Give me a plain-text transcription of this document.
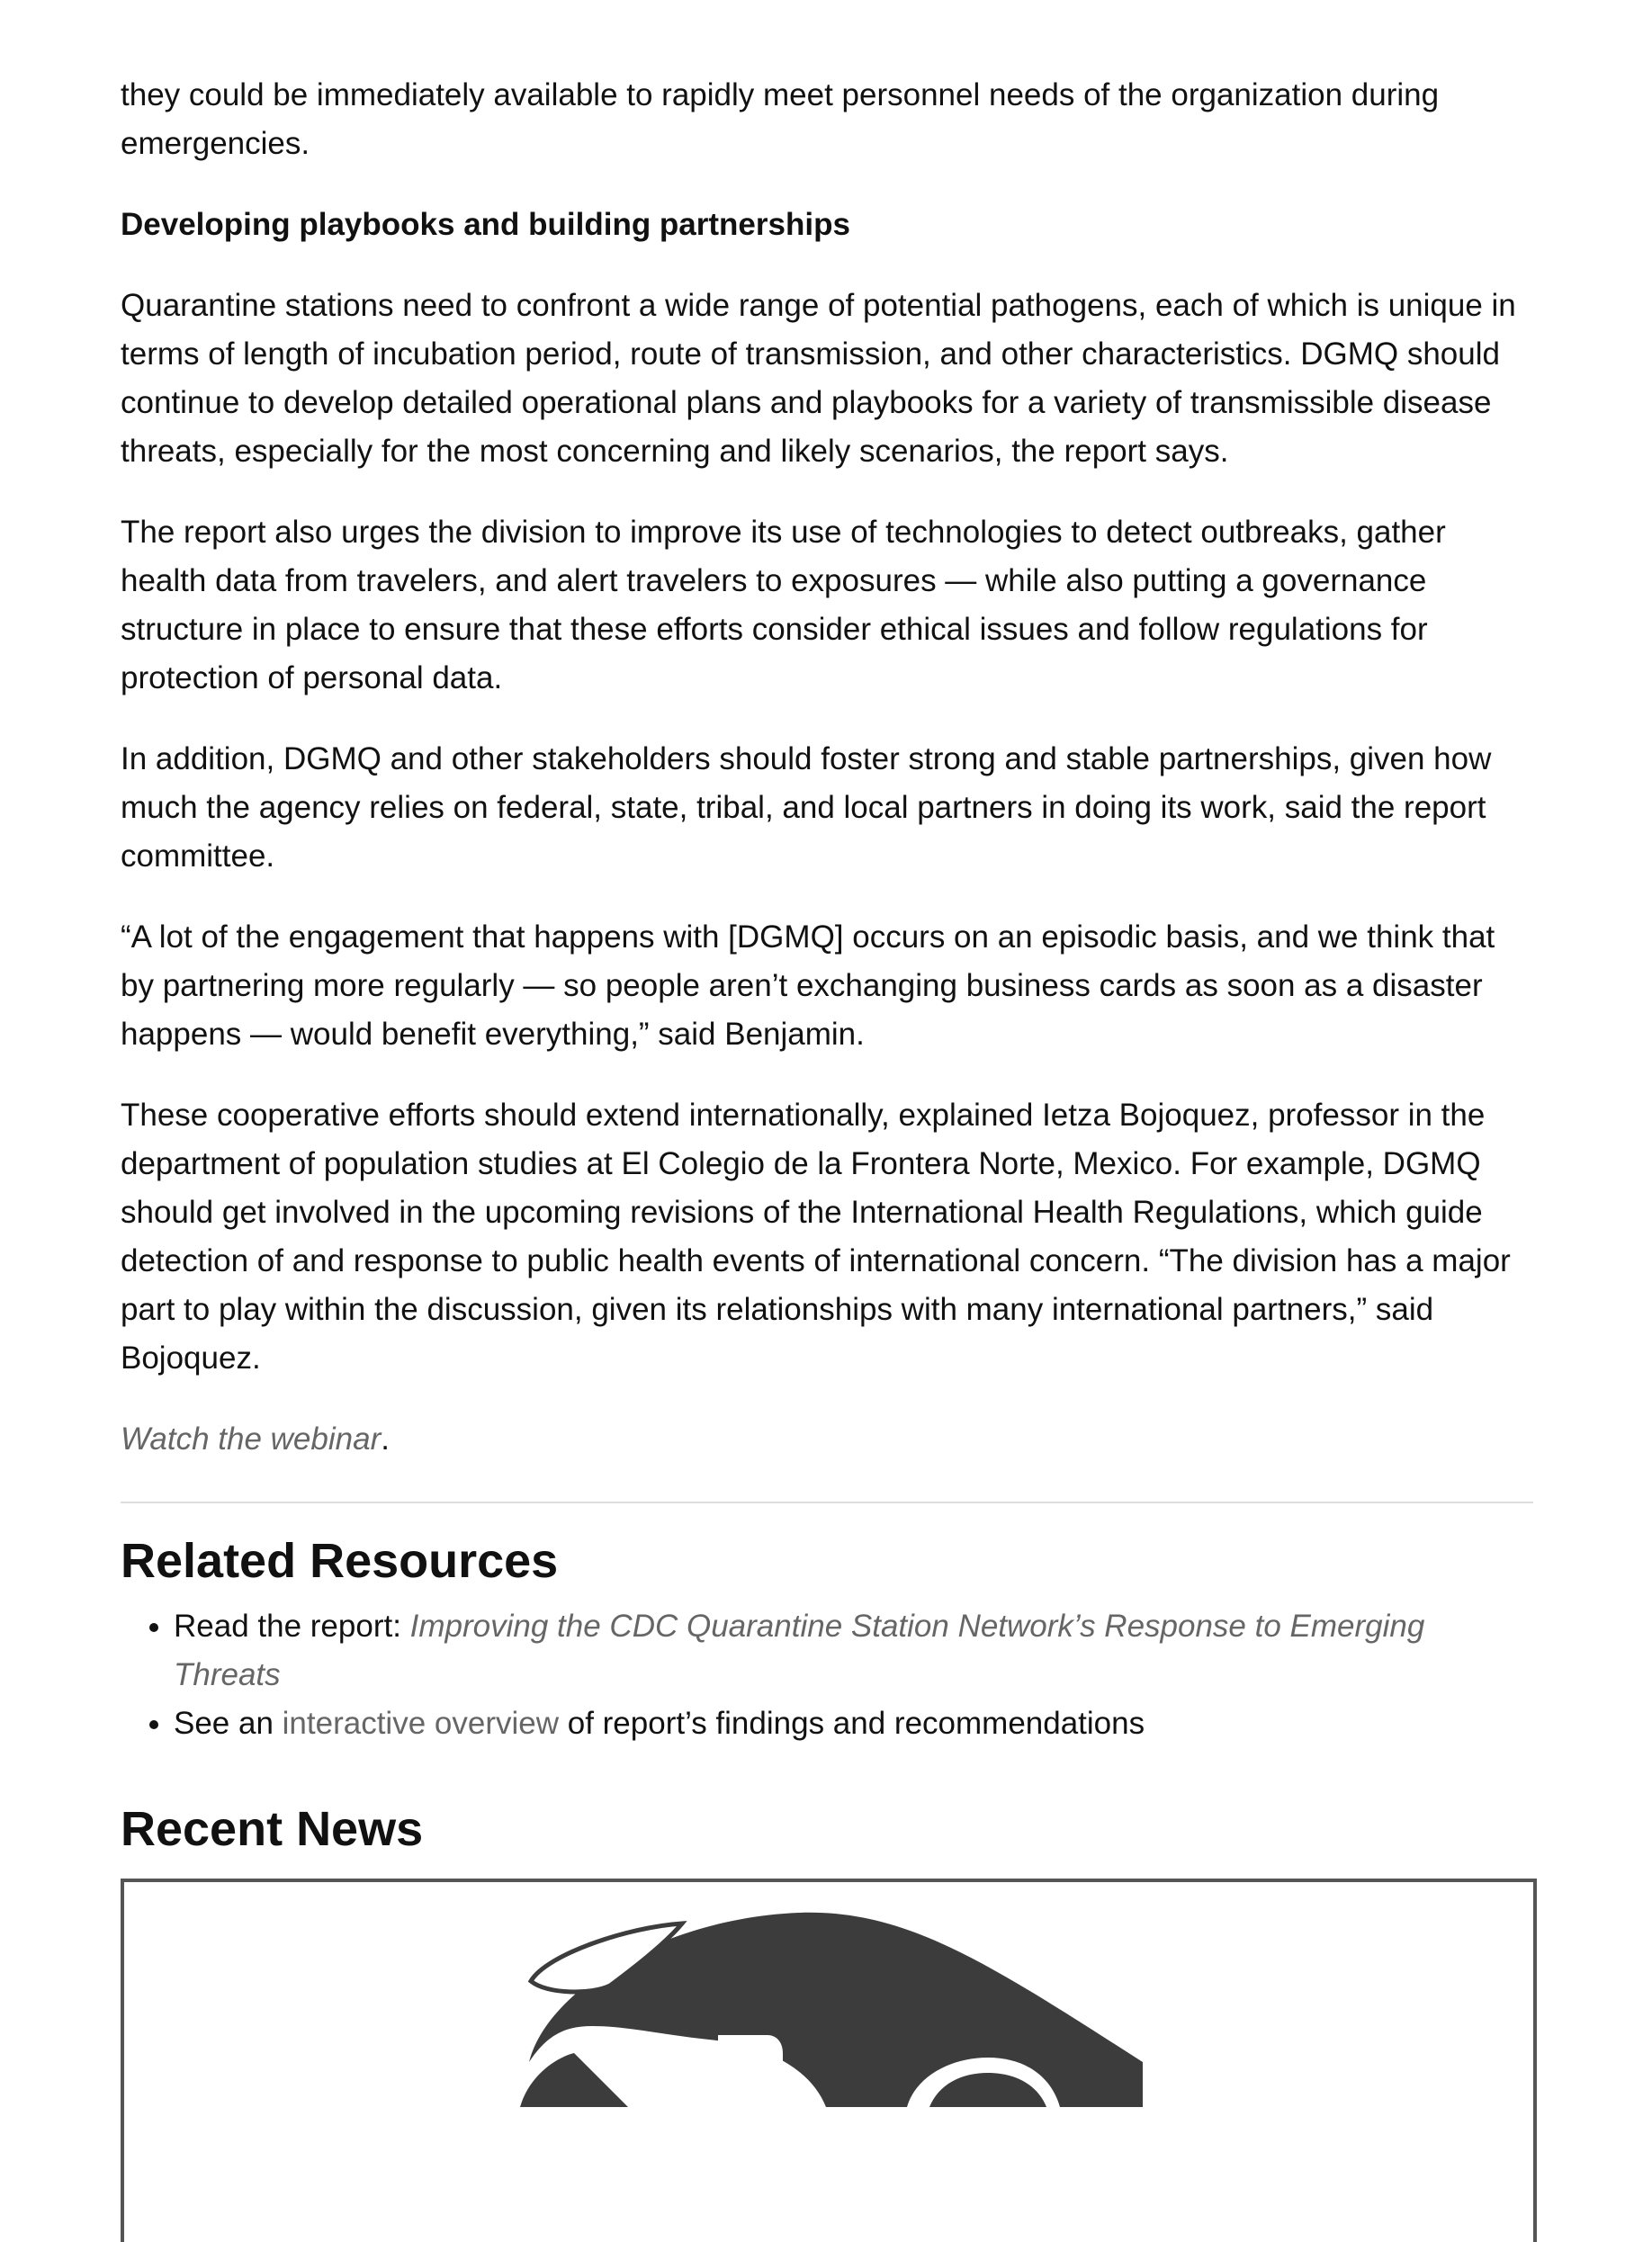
they could be immediately available to rapidly meet personnel needs of the organization during emergencies.

Developing playbooks and building partnerships

Quarantine stations need to confront a wide range of potential pathogens, each of which is unique in terms of length of incubation period, route of transmission, and other characteristics. DGMQ should continue to develop detailed operational plans and playbooks for a variety of transmissible disease threats, especially for the most concerning and likely scenarios, the report says.

The report also urges the division to improve its use of technologies to detect outbreaks, gather health data from travelers, and alert travelers to exposures — while also putting a governance structure in place to ensure that these efforts consider ethical issues and follow regulations for protection of personal data.

In addition, DGMQ and other stakeholders should foster strong and stable partnerships, given how much the agency relies on federal, state, tribal, and local partners in doing its work, said the report committee.

“A lot of the engagement that happens with [DGMQ] occurs on an episodic basis, and we think that by partnering more regularly — so people aren’t exchanging business cards as soon as a disaster happens — would benefit everything,” said Benjamin.

These cooperative efforts should extend internationally, explained Ietza Bojoquez, professor in the department of population studies at El Colegio de la Frontera Norte, Mexico. For example, DGMQ should get involved in the upcoming revisions of the International Health Regulations, which guide detection of and response to public health events of international concern. “The division has a major part to play within the discussion, given its relationships with many international partners,” said Bojoquez.

Watch the webinar.

Related Resources
• Read the report: Improving the CDC Quarantine Station Network’s Response to Emerging Threats
• See an interactive overview of report’s findings and recommendations
Recent News
